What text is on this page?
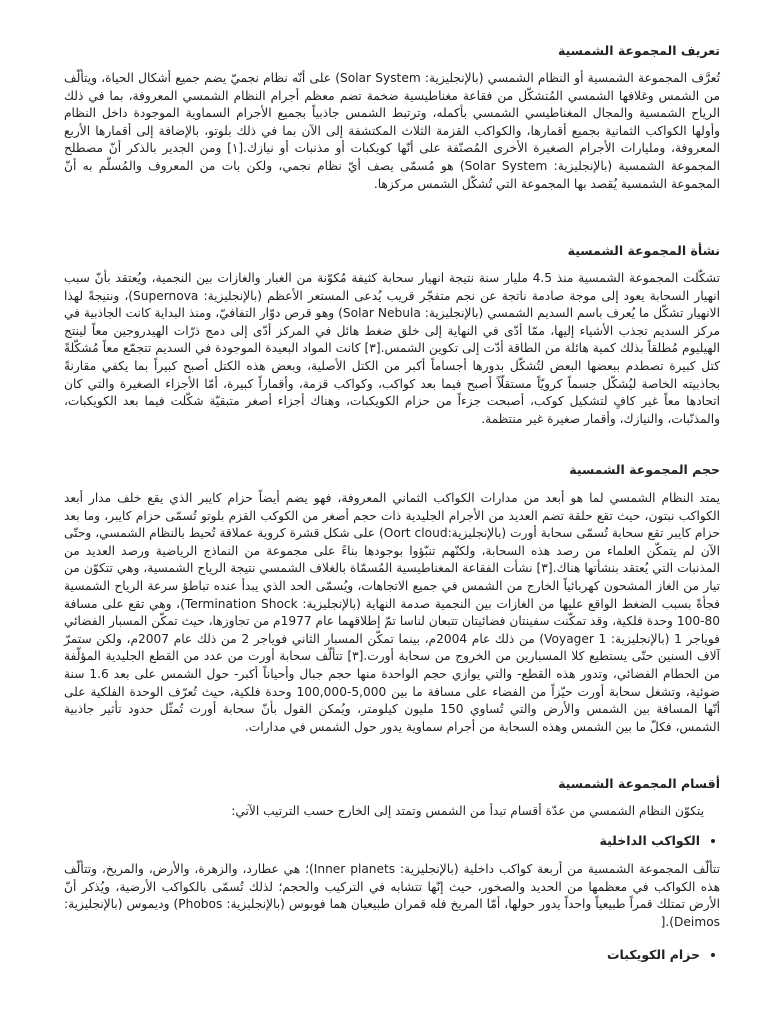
تعريف المجموعة الشمسية
تُعرَّف المجموعة الشمسية أو النظام الشمسي (بالإنجليزية: Solar System) على أنّه نظام نجميّ يضم جميع أشكال الحياة، ويتألّف من الشمس وغلافها الشمسي المُتشكّل من فقاعة مغناطيسية ضخمة تضم معظم أجرام النظام الشمسي المعروفة، بما في ذلك الرياح الشمسية والمجال المغناطيسي الشمسي بأكمله، وترتبط الشمس جاذبياً بجميع الأجرام السماوية الموجودة داخل النظام وأولها الكواكب الثمانية بجميع أقمارها، والكواكب القزمة الثلاث المكتشفة إلى الآن بما في ذلك بلوتو، بالإضافة إلى أقمارها الأربع المعروفة، ومليارات الأجرام الصغيرة الأخرى المُصنّفة على أنّها كويكبات أو مذنبات أو نيازك.[١] ومن الجدير بالذكر أنّ مصطلح المجموعة الشمسية (بالإنجليزية: Solar System) هو مُسمّى يصف أيّ نظام نجمي، ولكن بات من المعروف والمُسلّم به أنّ المجموعة الشمسية يُقصد بها المجموعة التي تُشكّل الشمس مركزها.
نشأة المجموعة الشمسية
تشكّلت المجموعة الشمسية منذ 4.5 مليار سنة نتيجة انهيار سحابة كثيفة مُكوّنة من الغبار والغازات بين النجمية، ويُعتقد بأنّ سبب انهيار السحابة يعود إلى موجة صادمة ناتجة عن نجم متفجّر قريب يُدعى المستعر الأعظم (بالإنجليزية: Supernova)، ونتيجةً لهذا الانهيار تشكّل ما يُعرف باسم السديم الشمسي (بالإنجليزية: Solar Nebula) وهو قرص دوّار التفافيّ، ومنذ البداية كانت الجاذبية في مركز السديم تجذب الأشياء إليها، ممّا أدّى في النهاية إلى خلق ضغط هائل في المركز أدّى إلى دمج ذرّات الهيدروجين معاً لينتج الهيليوم مُطلقاً بذلك كمية هائلة من الطاقة أدّت إلى تكوين الشمس.[٣] كانت المواد البعيدة الموجودة في السديم تتجمّع معاً مُشكّلةً كتل كبيرة تصطدم ببعضها البعض لتُشكّل بدورها أجساماً أكبر من الكتل الأصلية، وبعض هذه الكتل أصبح كبيراً بما يكفي مقارنةً بجاذبيته الخاصة ليُشكّل جسماً كرويّاً مستقلّاً أصبح فيما بعد كواكب، وكواكب قزمة، وأقماراً كبيرة، أمّا الأجزاء الصغيرة والتي كان اتحادها معاً غير كافٍ لتشكيل كوكب، أصبحت جزءاً من حزام الكويكبات، وهناك أجزاء أصغر متبقيّة شكّلت فيما بعد الكويكبات، والمذنّبات، والنيازك، وأقمار صغيرة غير منتظمة.
حجم المجموعة الشمسية
يمتد النظام الشمسي لما هو أبعد من مدارات الكواكب الثماني المعروفة، فهو يضم أيضاً حزام كايبر الذي يقع خلف مدار أبعد الكواكب نبتون، حيث تقع حلقة تضم العديد من الأجرام الجليدية ذات حجم أصغر من الكوكب القزم بلوتو تُسمّى حزام كايبر، وما بعد حزام كايبر تقع سحابة تُسمّى سحابة أورت (بالإنجليزية:Oort cloud) على شكل قشرة كروية عملاقة تُحيط بالنظام الشمسي، وحتّى الآن لم يتمكّن العلماء من رصد هذه السحابة، ولكنّهم تنبّؤوا بوجودها بناءً على مجموعة من النماذج الرياضية ورصد العديد من المذنبات التي يُعتقد بنشأتها هناك.[٣] نشأت الفقاعة المغناطيسية المُسمّاة بالغلاف الشمسي نتيجة الرياح الشمسية، وهي تتكوّن من تيار من الغاز المشحون كهربائياً الخارج من الشمس في جميع الاتجاهات، ويُسمّى الحد الذي يبدأ عنده تباطؤ سرعة الرياح الشمسية فجأةً بسبب الضغط الواقع عليها من الغازات بين النجمية صدمة النهاية (بالإنجليزية: Termination Shock)، وهي تقع على مسافة 80-100 وحدة فلكية، وقد تمكّنت سفينتان فضائيتان تتبعان لناسا تمّ إطلاقهما عام 1977م من تجاوزها، حيث تمكّن المسبار الفضائي فوياجر 1 (بالإنجليزية: Voyager 1) من ذلك عام 2004م، بينما تمكّن المسبار الثاني فوياجر 2 من ذلك عام 2007م، ولكن ستمرّ آلاف السنين حتّى يستطيع كلا المسبارين من الخروج من سحابة أورت.[٣] تتألّف سحابة أورت من عدد من القطع الجليدية المؤلّفة من الحطام الفضائي، وتدور هذه القطع- والتي يوازي حجم الواحدة منها حجم جبال وأحياناً أكبر- حول الشمس على بعد 1.6 سنة ضوئية، وتشغل سحابة أورت حيّزاً من الفضاء على مسافة ما بين 5,000-100,000 وحدة فلكية، حيث تُعرّف الوحدة الفلكية على أنّها المسافة بين الشمس والأرض والتي تُساوي 150 مليون كيلومتر، ويُمكن القول بأنّ سحابة أورت تُمثّل حدود تأثير جاذبية الشمس، فكلّ ما بين الشمس وهذه السحابة من أجرام سماوية يدور حول الشمس في مدارات.
أقسام المجموعة الشمسية
يتكوّن النظام الشمسي من عدّة أقسام تبدأ من الشمس وتمتد إلى الخارج حسب الترتيب الآتي:
• الكواكب الداخلية
تتألّف المجموعة الشمسية من أربعة كواكب داخلية (بالإنجليزية: Inner planets)؛ هي عطارد، والزهرة، والأرض، والمريخ، وتتألّف هذه الكواكب في معظمها من الحديد والصخور، حيث إنّها تتشابه في التركيب والحجم؛ لذلك تُسمّى بالكواكب الأرضية، ويُذكر أنّ الأرض تمتلك قمراً طبيعياً واحداً يدور حولها، أمّا المريخ فله قمران طبيعيان هما فوبوس (بالإنجليزية: Phobos) وديموس (بالإنجليزية: Deimos).[
• حزام الكويكبات
